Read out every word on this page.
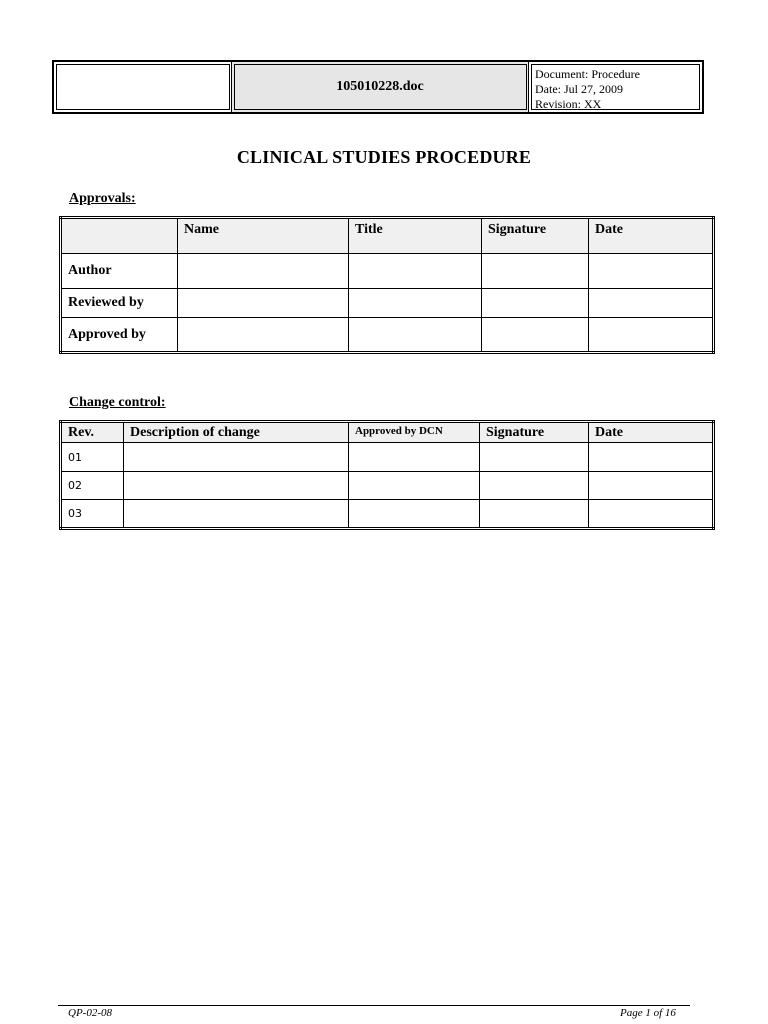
105010228.doc
Document: Procedure
Date: Jul 27, 2009
Revision: XX
CLINICAL STUDIES PROCEDURE
Approvals:
	Name	Title	Signature	Date
Author				
Reviewed by				
Approved by				
Change control:
Rev.	Description of change	Approved by DCN	Signature	Date
01				
02				
03				
QP-02-08	Page 1 of 16
